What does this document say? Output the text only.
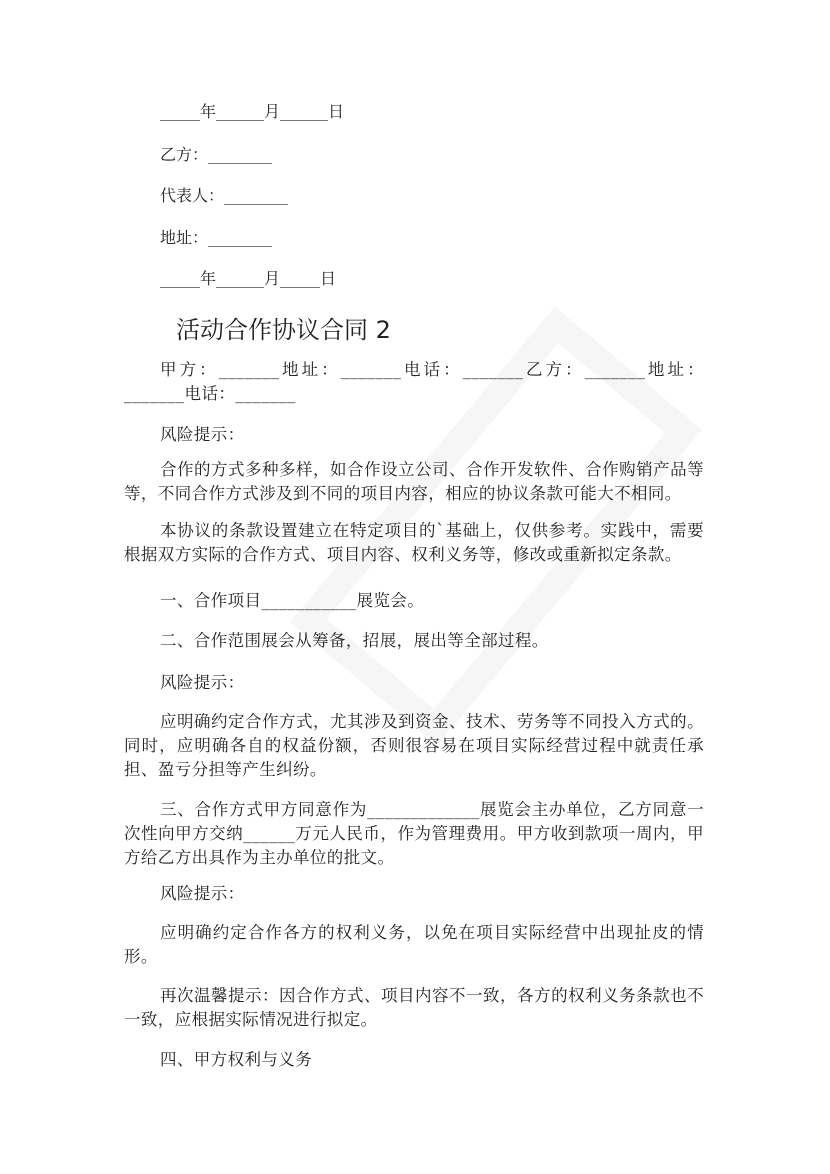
_____年______月______日
乙方：________
代表人：________
地址：________
_____年______月_____日
活动合作协议合同 2
甲方：_______地址：_______电话：_______乙方：_______地址：_______电话：_______
风险提示：
合作的方式多种多样，如合作设立公司、合作开发软件、合作购销产品等等，不同合作方式涉及到不同的项目内容，相应的协议条款可能大不相同。
本协议的条款设置建立在特定项目的`基础上，仅供参考。实践中，需要根据双方实际的合作方式、项目内容、权利义务等，修改或重新拟定条款。
一、合作项目___________展览会。
二、合作范围展会从筹备，招展，展出等全部过程。
风险提示：
应明确约定合作方式，尤其涉及到资金、技术、劳务等不同投入方式的。同时，应明确各自的权益份额，否则很容易在项目实际经营过程中就责任承担、盈亏分担等产生纠纷。
三、合作方式甲方同意作为_____________展览会主办单位，乙方同意一次性向甲方交纳______万元人民币，作为管理费用。甲方收到款项一周内，甲方给乙方出具作为主办单位的批文。
风险提示：
应明确约定合作各方的权利义务，以免在项目实际经营中出现扯皮的情形。
再次温馨提示：因合作方式、项目内容不一致，各方的权利义务条款也不一致，应根据实际情况进行拟定。
四、甲方权利与义务
